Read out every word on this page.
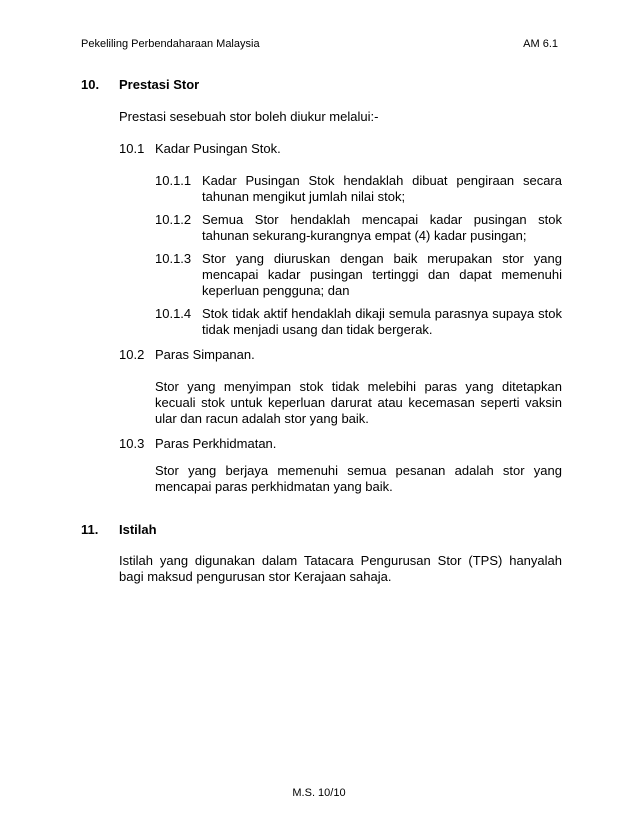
Pekeliling Perbendaharaan Malaysia	AM 6.1
10. Prestasi Stor
Prestasi sesebuah stor boleh diukur melalui:-
10.1 Kadar Pusingan Stok.
10.1.1 Kadar Pusingan Stok hendaklah dibuat pengiraan secara tahunan mengikut jumlah nilai stok;
10.1.2 Semua Stor hendaklah mencapai kadar pusingan stok tahunan sekurang-kurangnya empat (4) kadar pusingan;
10.1.3 Stor yang diuruskan dengan baik merupakan stor yang mencapai kadar pusingan tertinggi dan dapat memenuhi keperluan pengguna; dan
10.1.4 Stok tidak aktif hendaklah dikaji semula parasnya supaya stok tidak menjadi usang dan tidak bergerak.
10.2 Paras Simpanan.
Stor yang menyimpan stok tidak melebihi paras yang ditetapkan kecuali stok untuk keperluan darurat atau kecemasan seperti vaksin ular dan racun adalah stor yang baik.
10.3 Paras Perkhidmatan.
Stor yang berjaya memenuhi semua pesanan adalah stor yang mencapai paras perkhidmatan yang baik.
11. Istilah
Istilah yang digunakan dalam Tatacara Pengurusan Stor (TPS) hanyalah bagi maksud pengurusan stor Kerajaan sahaja.
M.S. 10/10
